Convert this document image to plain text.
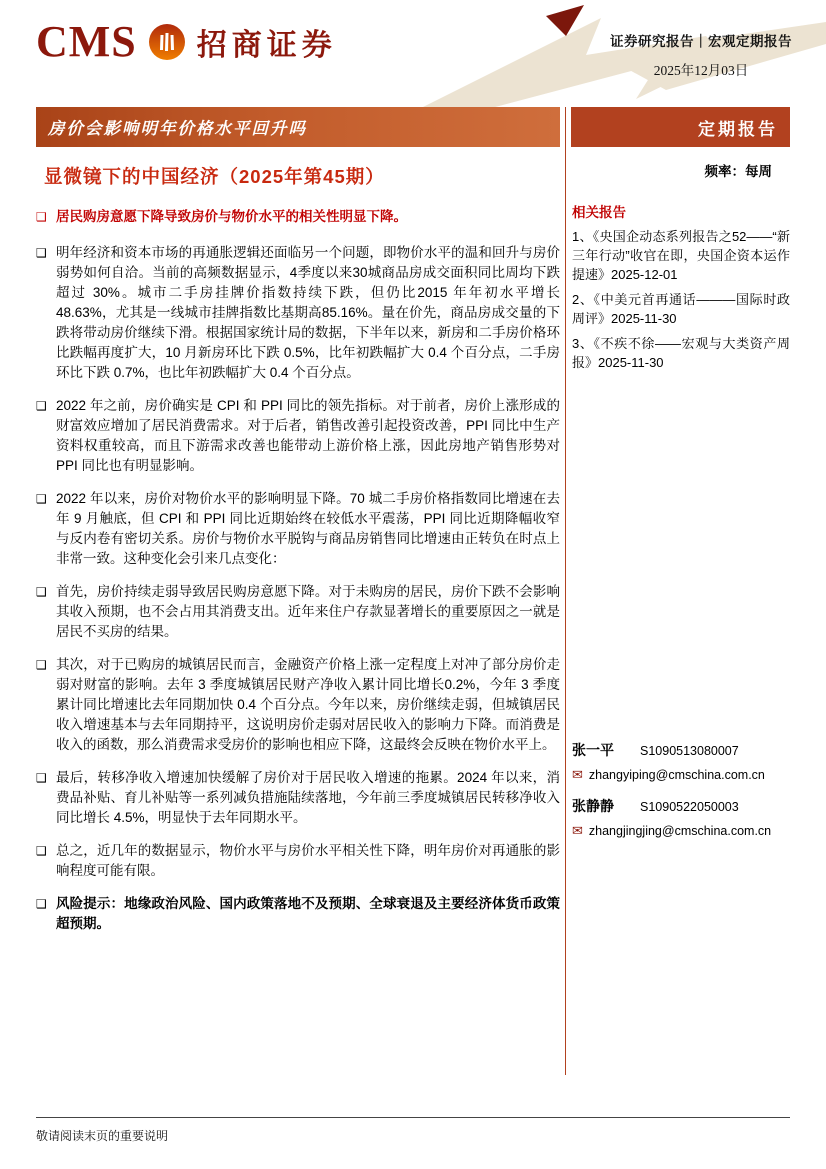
CMS 招商证券	证券研究报告｜宏观定期报告
2025年12月03日
房价会影响明年价格水平回升吗	定期报告
显微镜下的中国经济（2025年第45期）
❑ 居民购房意愿下降导致房价与物价水平的相关性明显下降。
❑ 明年经济和资本市场的再通胀逻辑还面临另一个问题，即物价水平的温和回升与房价弱势如何自洽。当前的高频数据显示，4季度以来30城商品房成交面积同比周均下跌超过 30%。城市二手房挂牌价指数持续下跌，但仍比2015 年年初水平增长 48.63%，尤其是一线城市挂牌指数比基期高85.16%。量在价先，商品房成交量的下跌将带动房价继续下滑。根据国家统计局的数据，下半年以来，新房和二手房价格环比跌幅再度扩大，10 月新房环比下跌 0.5%，比年初跌幅扩大 0.4 个百分点，二手房环比下跌 0.7%，也比年初跌幅扩大 0.4 个百分点。
❑ 2022 年之前，房价确实是 CPI 和 PPI 同比的领先指标。对于前者，房价上涨形成的财富效应增加了居民消费需求。对于后者，销售改善引起投资改善，PPI 同比中生产资料权重较高，而且下游需求改善也能带动上游价格上涨，因此房地产销售形势对 PPI 同比也有明显影响。
❑ 2022 年以来，房价对物价水平的影响明显下降。70 城二手房价格指数同比增速在去年 9 月触底，但 CPI 和 PPI 同比近期始终在较低水平震荡，PPI 同比近期降幅收窄与反内卷有密切关系。房价与物价水平脱钩与商品房销售同比增速由正转负在时点上非常一致。这种变化会引来几点变化：
❑ 首先，房价持续走弱导致居民购房意愿下降。对于未购房的居民，房价下跌不会影响其收入预期，也不会占用其消费支出。近年来住户存款显著增长的重要原因之一就是居民不买房的结果。
❑ 其次，对于已购房的城镇居民而言，金融资产价格上涨一定程度上对冲了部分房价走弱对财富的影响。去年 3 季度城镇居民财产净收入累计同比增长0.2%，今年 3 季度累计同比增速比去年同期加快 0.4 个百分点。今年以来，房价继续走弱，但城镇居民收入增速基本与去年同期持平，这说明房价走弱对居民收入的影响力下降。而消费是收入的函数，那么消费需求受房价的影响也相应下降，这最终会反映在物价水平上。
❑ 最后，转移净收入增速加快缓解了房价对于居民收入增速的拖累。2024 年以来，消费品补贴、育儿补贴等一系列减负措施陆续落地，今年前三季度城镇居民转移净收入同比增长 4.5%，明显快于去年同期水平。
❑ 总之，近几年的数据显示，物价水平与房价水平相关性下降，明年房价对再通胀的影响程度可能有限。
❑ 风险提示：地缘政治风险、国内政策落地不及预期、全球衰退及主要经济体货币政策超预期。
频率：每周
相关报告
1、《央国企动态系列报告之52——“新三年行动”收官在即，央国企资本运作提速》2025-12-01
2、《中美元首再通话———国际时政周评》2025-11-30
3、《不疾不徐——宏观与大类资产周报》2025-11-30
张一平 S1090513080007
✉ zhangyiping@cmschina.com.cn
张静静 S1090522050003
✉ zhangjingjing@cmschina.com.cn
敬请阅读末页的重要说明
